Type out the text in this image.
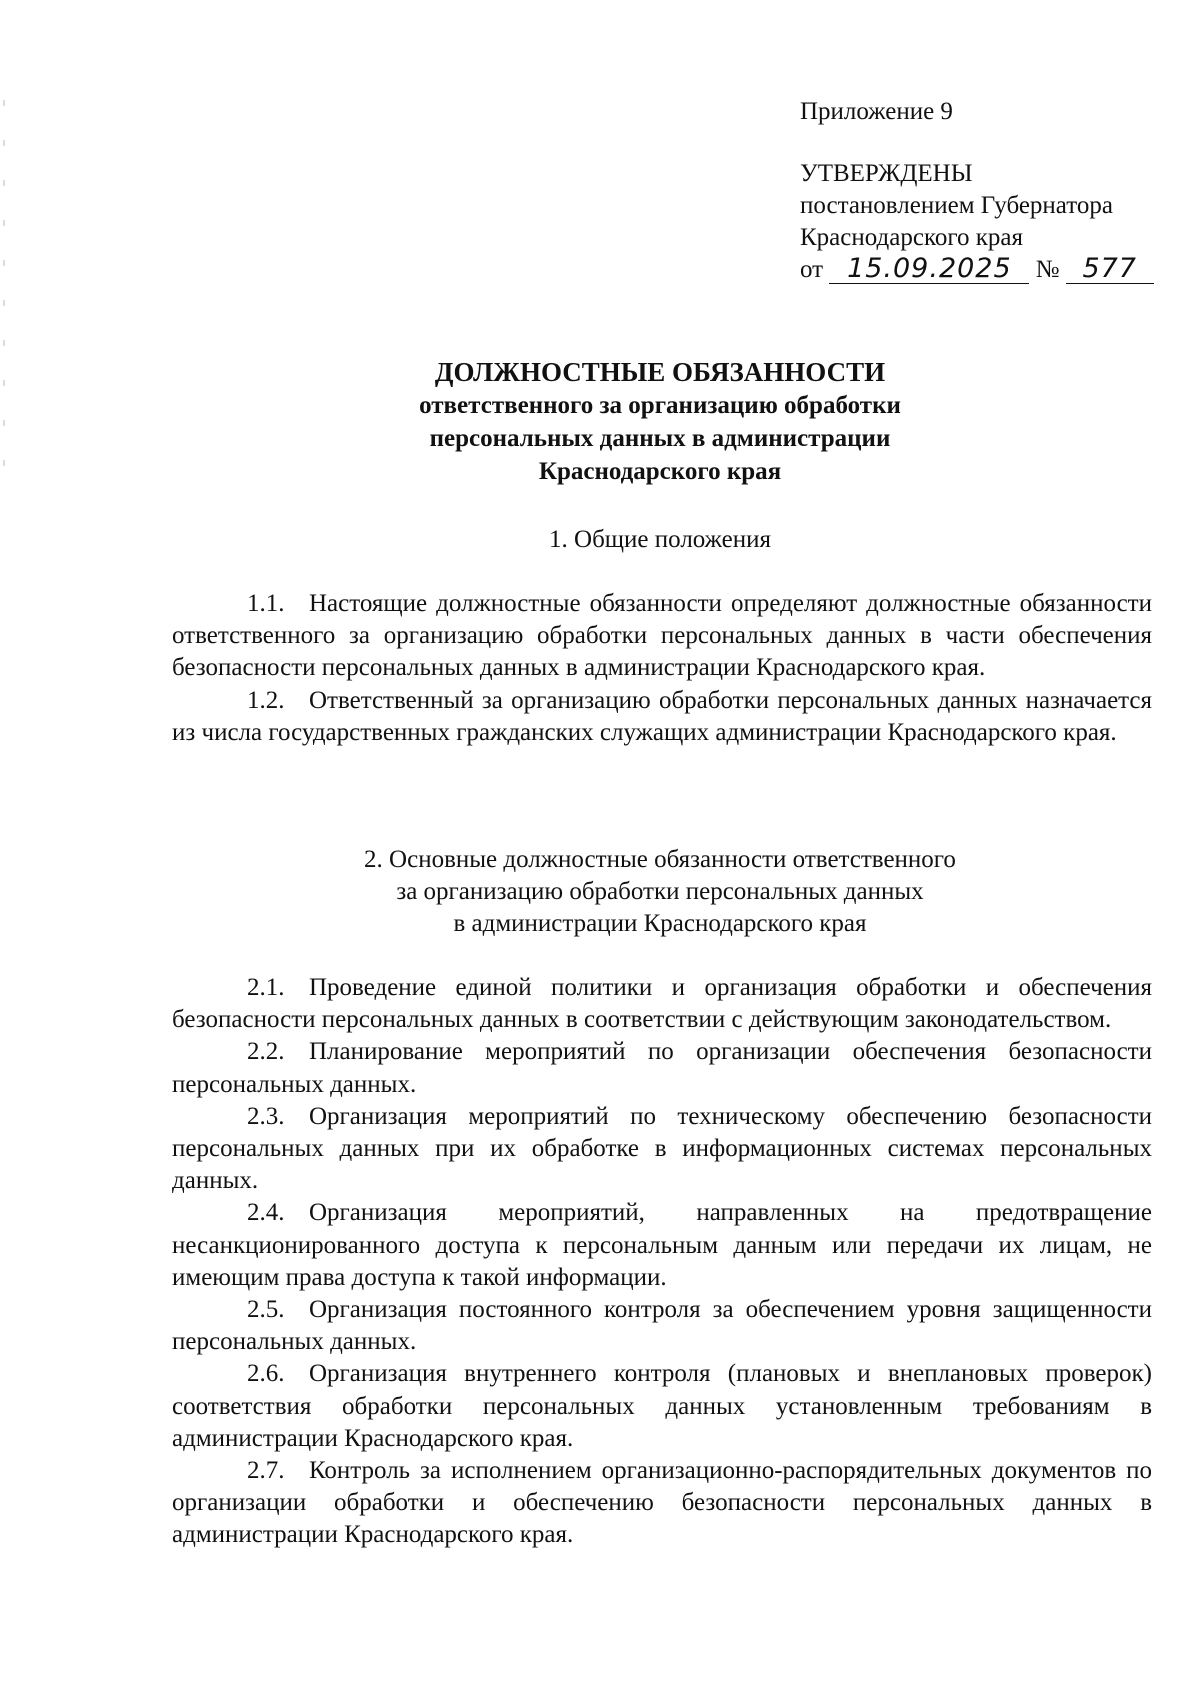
Приложение 9
УТВЕРЖДЕНЫ
постановлением Губернатора
Краснодарского края
от 15.09.2025 № 577
ДОЛЖНОСТНЫЕ ОБЯЗАННОСТИ
ответственного за организацию обработки
персональных данных в администрации
Краснодарского края
1. Общие положения

1.1. Настоящие должностные обязанности определяют должностные обязанности ответственного за организацию обработки персональных данных в части обеспечения безопасности персональных данных в администрации Краснодарского края.

1.2. Ответственный за организацию обработки персональных данных назначается из числа государственных гражданских служащих администрации Краснодарского края.

2. Основные должностные обязанности ответственного
за организацию обработки персональных данных
в администрации Краснодарского края

2.1. Проведение единой политики и организация обработки и обеспечения безопасности персональных данных в соответствии с действующим законодательством.

2.2. Планирование мероприятий по организации обеспечения безопасности персональных данных.

2.3. Организация мероприятий по техническому обеспечению безопасности персональных данных при их обработке в информационных системах персональных данных.

2.4. Организация мероприятий, направленных на предотвращение несанкционированного доступа к персональным данным или передачи их лицам, не имеющим права доступа к такой информации.

2.5. Организация постоянного контроля за обеспечением уровня защищенности персональных данных.

2.6. Организация внутреннего контроля (плановых и внеплановых проверок) соответствия обработки персональных данных установленным требованиям в администрации Краснодарского края.

2.7. Контроль за исполнением организационно-распорядительных документов по организации обработки и обеспечению безопасности персональных данных в администрации Краснодарского края.
